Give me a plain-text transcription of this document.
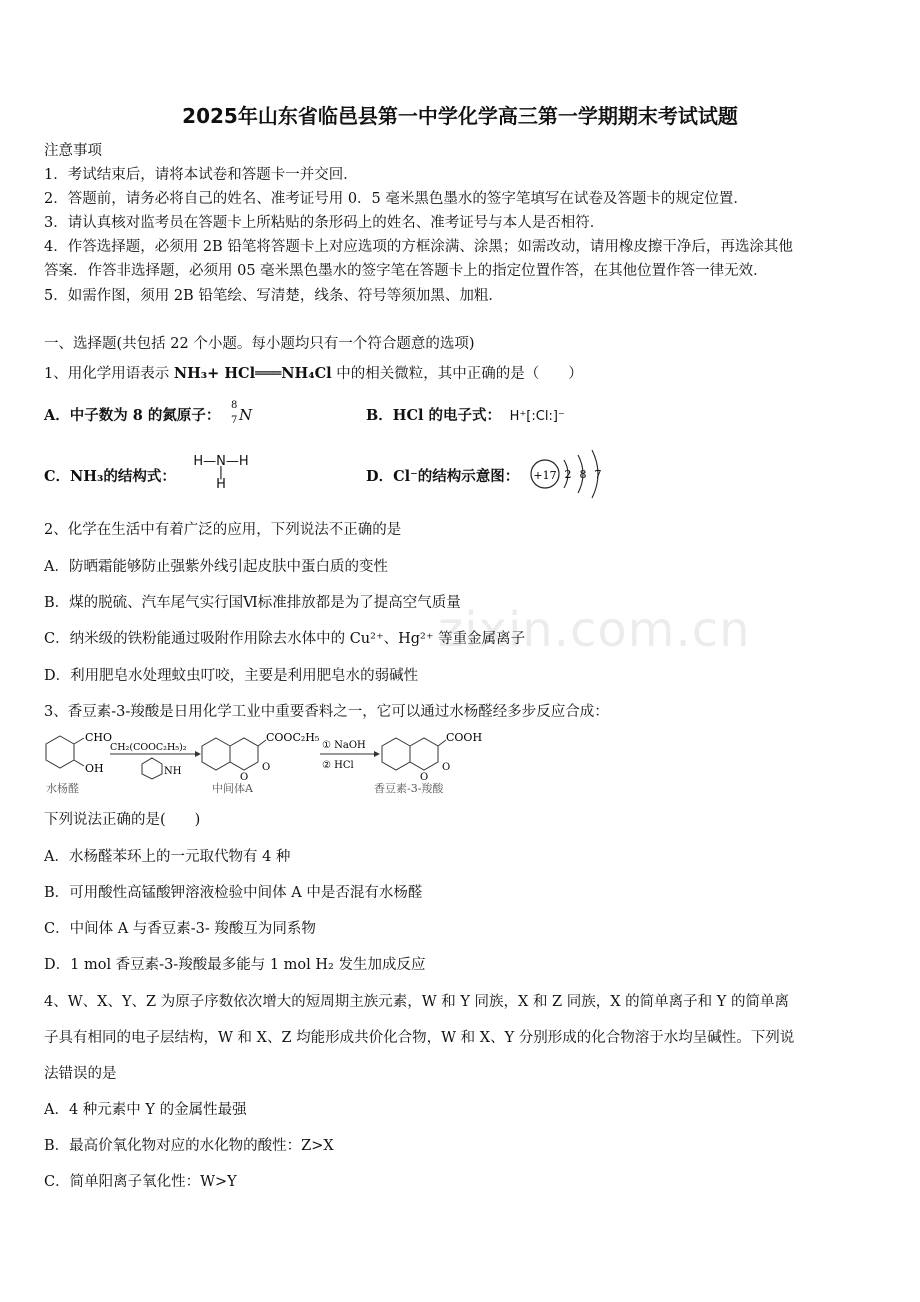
2025年山东省临邑县第一中学化学高三第一学期期末考试试题
注意事项
1．考试结束后，请将本试卷和答题卡一并交回．
2．答题前，请务必将自己的姓名、准考证号用 0．5 毫米黑色墨水的签字笔填写在试卷及答题卡的规定位置．
3．请认真核对监考员在答题卡上所粘贴的条形码上的姓名、准考证号与本人是否相符．
4．作答选择题，必须用 2B 铅笔将答题卡上对应选项的方框涂满、涂黑；如需改动，请用橡皮擦干净后，再选涂其他
答案．作答非选择题，必须用 05 毫米黑色墨水的签字笔在答题卡上的指定位置作答，在其他位置作答一律无效．
5．如需作图，须用 2B 铅笔绘、写清楚，线条、符号等须加黑、加粗．
一、选择题(共包括 22 个小题。每小题均只有一个符合题意的选项)
1、用化学用语表示 NH₃+ HCl═══NH₄Cl 中的相关微粒，其中正确的是（　　）
A．中子数为 8 的氮原子：
8
7 N	B．HCl 的电子式： H⁺[:Cl:]⁻
C．NH₃的结构式：
H—N—H
|
H	D．Cl⁻的结构示意图： +17 2 8 7
2、化学在生活中有着广泛的应用，下列说法不正确的是
A．防晒霜能够防止强紫外线引起皮肤中蛋白质的变性
B．煤的脱硫、汽车尾气实行国Ⅵ标准排放都是为了提高空气质量
C．纳米级的铁粉能通过吸附作用除去水体中的 Cu²⁺、Hg²⁺ 等重金属离子
D．利用肥皂水处理蚊虫叮咬，主要是利用肥皂水的弱碱性
3、香豆素-3-羧酸是日用化学工业中重要香料之一，它可以通过水杨醛经多步反应合成：
CHO
OH
水杨醛
CH₂(COOC₂H₅)₂
NH
COOC₂H₅
O
O
中间体A
① NaOH
② HCl
COOH
O
O
香豆素-3-羧酸
下列说法正确的是(　　)
A．水杨醛苯环上的一元取代物有 4 种
B．可用酸性高锰酸钾溶液检验中间体 A 中是否混有水杨醛
C．中间体 A 与香豆素-3- 羧酸互为同系物
D．1 mol 香豆素-3-羧酸最多能与 1 mol H₂ 发生加成反应
4、W、X、Y、Z 为原子序数依次增大的短周期主族元素，W 和 Y 同族，X 和 Z 同族，X 的简单离子和 Y 的简单离
子具有相同的电子层结构，W 和 X、Z 均能形成共价化合物，W 和 X、Y 分别形成的化合物溶于水均呈碱性。下列说
法错误的是
A．4 种元素中 Y 的金属性最强
B．最高价氧化物对应的水化物的酸性：Z>X
C．简单阳离子氧化性：W>Y
zixin.com.cn
